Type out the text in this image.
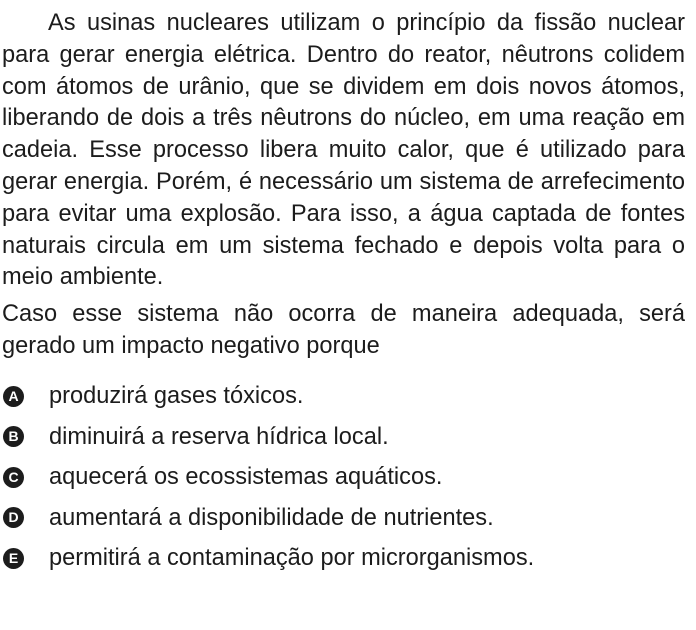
As usinas nucleares utilizam o princípio da fissão nuclear para gerar energia elétrica. Dentro do reator, nêutrons colidem com átomos de urânio, que se dividem em dois novos átomos, liberando de dois a três nêutrons do núcleo, em uma reação em cadeia. Esse processo libera muito calor, que é utilizado para gerar energia. Porém, é necessário um sistema de arrefecimento para evitar uma explosão. Para isso, a água captada de fontes naturais circula em um sistema fechado e depois volta para o meio ambiente.

Caso esse sistema não ocorra de maneira adequada, será gerado um impacto negativo porque

A produzirá gases tóxicos.
B diminuirá a reserva hídrica local.
C aquecerá os ecossistemas aquáticos.
D aumentará a disponibilidade de nutrientes.
E permitirá a contaminação por microrganismos.
